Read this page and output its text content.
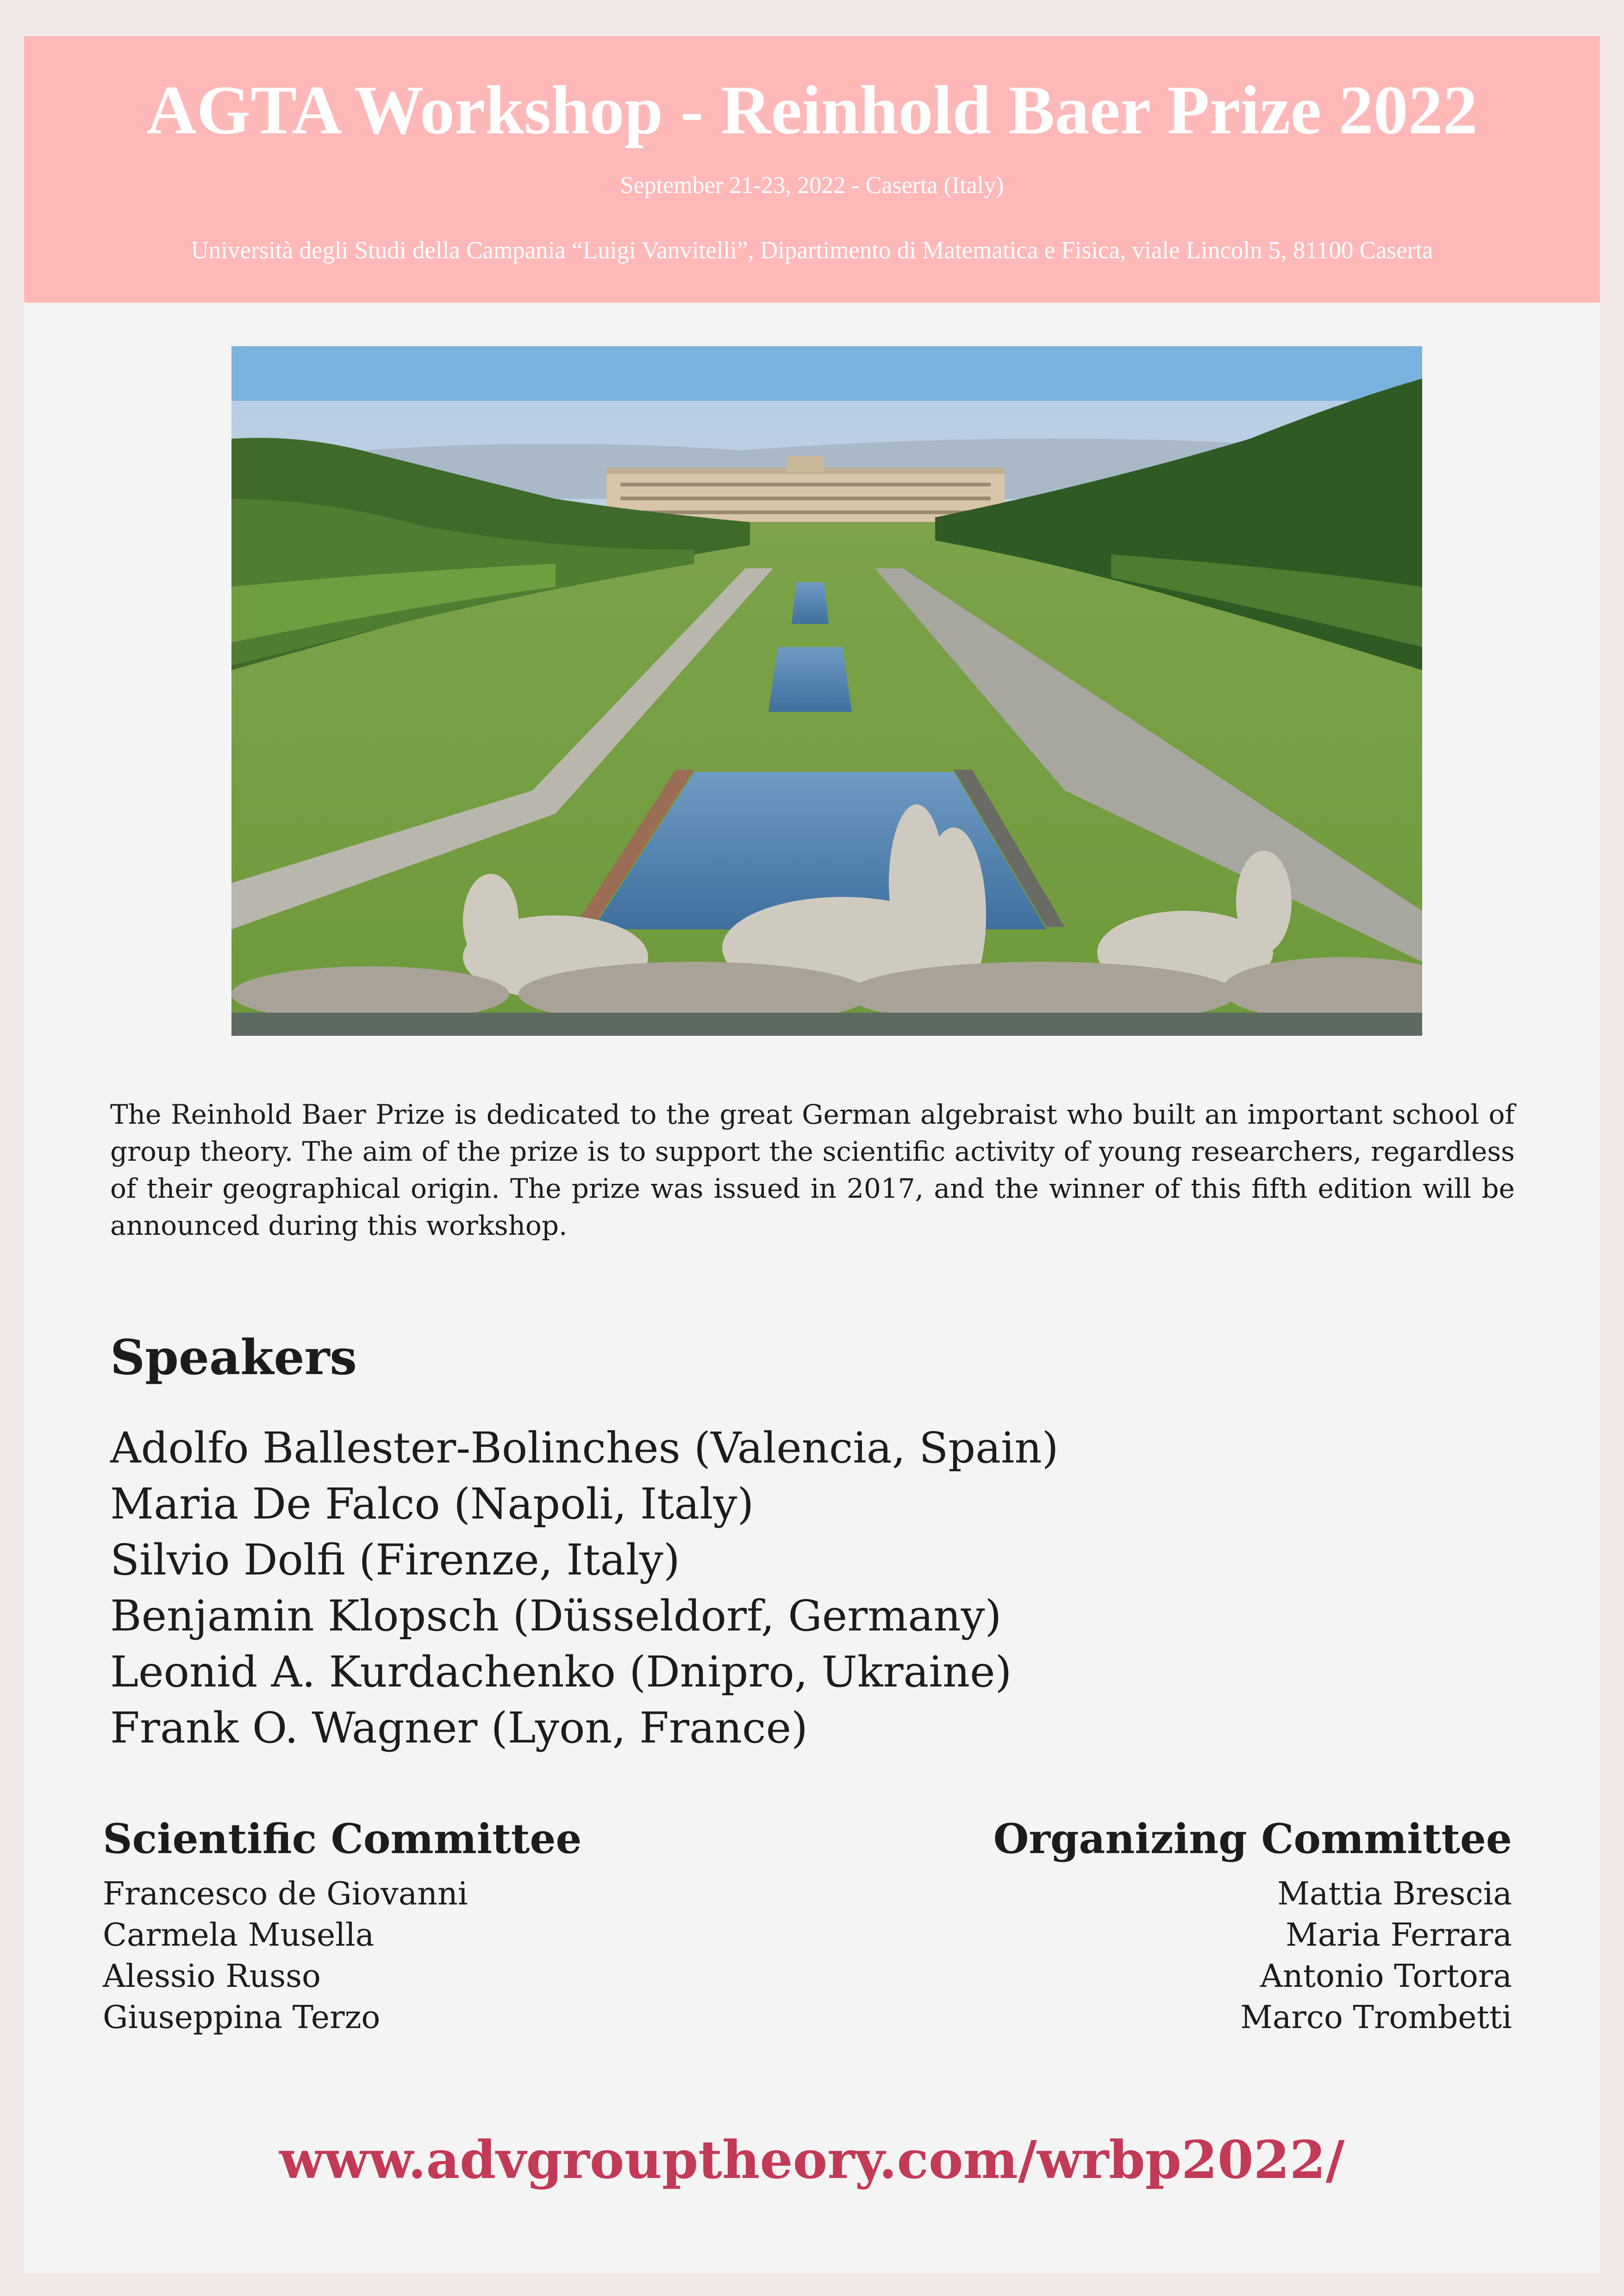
AGTA Workshop - Reinhold Baer Prize 2022
September 21-23, 2022 - Caserta (Italy)
Università degli Studi della Campania “Luigi Vanvitelli”, Dipartimento di Matematica e Fisica, viale Lincoln 5, 81100 Caserta
The Reinhold Baer Prize is dedicated to the great German algebraist who built an important school of group theory. The aim of the prize is to support the scientific activity of young researchers, regardless of their geographical origin. The prize was issued in 2017, and the winner of this fifth edition will be announced during this workshop.
Speakers
Adolfo Ballester-Bolinches (Valencia, Spain)
Maria De Falco (Napoli, Italy)
Silvio Dolfi (Firenze, Italy)
Benjamin Klopsch (Düsseldorf, Germany)
Leonid A. Kurdachenko (Dnipro, Ukraine)
Frank O. Wagner (Lyon, France)
Scientific Committee
Francesco de Giovanni
Carmela Musella
Alessio Russo
Giuseppina Terzo
Organizing Committee
Mattia Brescia
Maria Ferrara
Antonio Tortora
Marco Trombetti
www.advgrouptheory.com/wrbp2022/
